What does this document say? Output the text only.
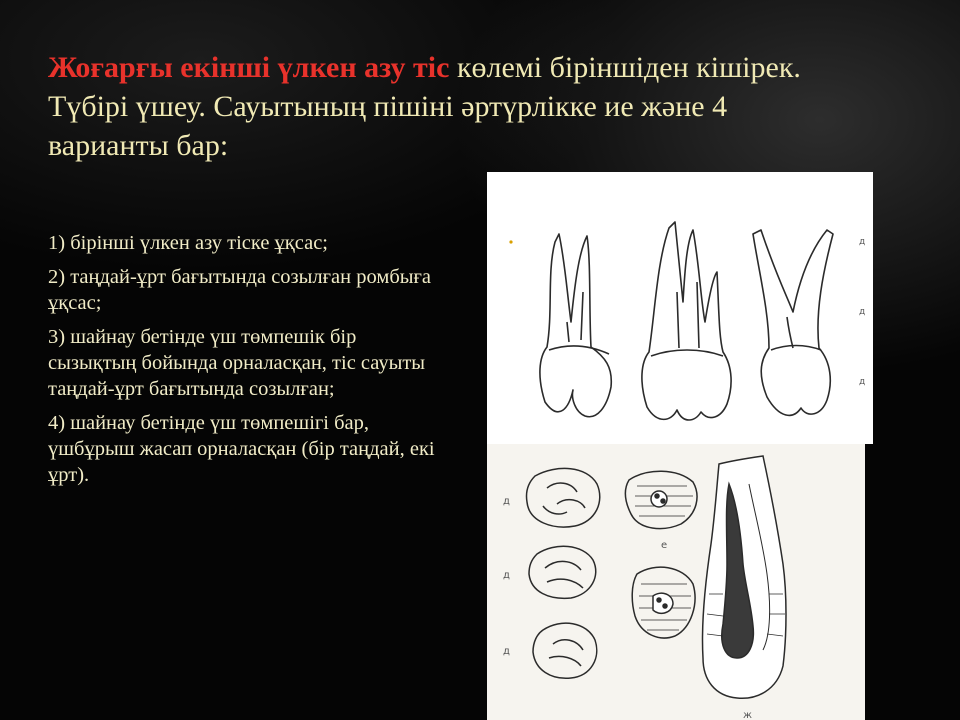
Жоғарғы екінші үлкен азу тіс көлемі біріншіден кішірек. Түбірі үшеу. Сауытының пішіні әртүрлікке ие және 4 варианты бар:
1) бірінші үлкен азу тіске ұқсас;
2) таңдай-ұрт бағытында созылған ромбыға ұқсас;
3) шайнау бетінде үш төмпешік бір сызықтың бойында орналасқан, тіс сауыты таңдай-ұрт бағытында созылған;
4) шайнау бетінде үш төмпешігі бар, үшбұрыш жасап орналасқан (бір таңдай, екі ұрт).
д
д
д
д
д
д
е
ж
